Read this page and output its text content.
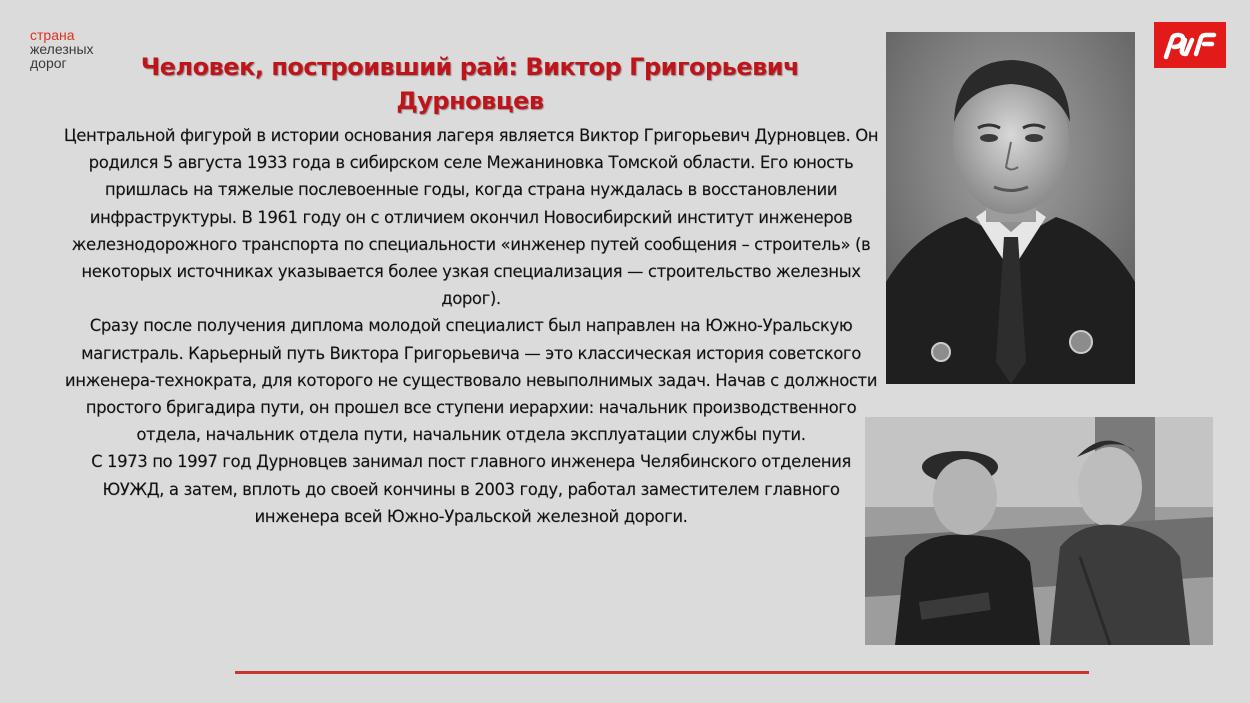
страна
железных
дорог	Человек, построивший рай: Виктор Григорьевич Дурновцев

Центральной фигурой в истории основания лагеря является Виктор Григорьевич Дурновцев. Он родился 5 августа 1933 года в сибирском селе Межаниновка Томской области. Его юность пришлась на тяжелые послевоенные годы, когда страна нуждалась в восстановлении инфраструктуры. В 1961 году он с отличием окончил Новосибирский институт инженеров железнодорожного транспорта по специальности «инженер путей сообщения – строитель» (в некоторых источниках указывается более узкая специализация — строительство железных дорог).

Сразу после получения диплома молодой специалист был направлен на Южно-Уральскую магистраль. Карьерный путь Виктора Григорьевича — это классическая история советского инженера-технократа, для которого не существовало невыполнимых задач. Начав с должности простого бригадира пути, он прошел все ступени иерархии: начальник производственного отдела, начальник отдела пути, начальник отдела эксплуатации службы пути.

С 1973 по 1997 год Дурновцев занимал пост главного инженера Челябинского отделения ЮУЖД, а затем, вплоть до своей кончины в 2003 году, работал заместителем главного инженера всей Южно-Уральской железной дороги.
